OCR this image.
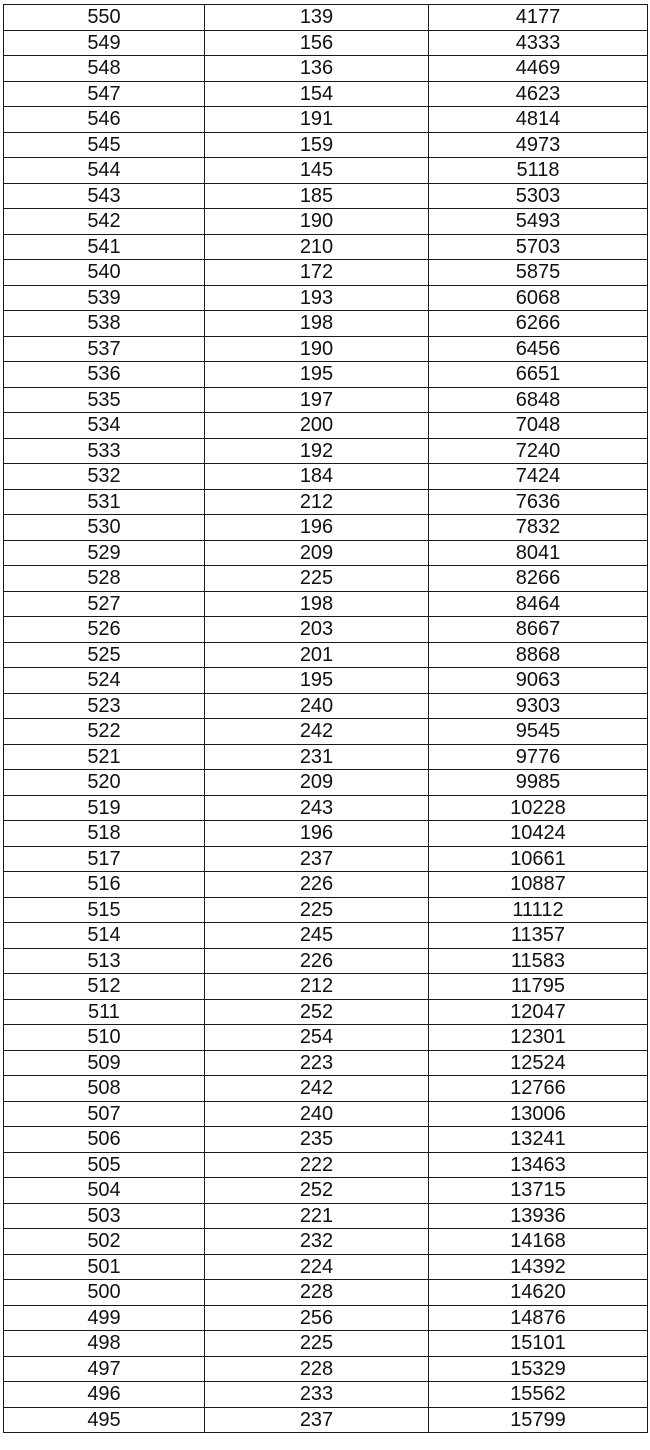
550	139	4177
549	156	4333
548	136	4469
547	154	4623
546	191	4814
545	159	4973
544	145	5118
543	185	5303
542	190	5493
541	210	5703
540	172	5875
539	193	6068
538	198	6266
537	190	6456
536	195	6651
535	197	6848
534	200	7048
533	192	7240
532	184	7424
531	212	7636
530	196	7832
529	209	8041
528	225	8266
527	198	8464
526	203	8667
525	201	8868
524	195	9063
523	240	9303
522	242	9545
521	231	9776
520	209	9985
519	243	10228
518	196	10424
517	237	10661
516	226	10887
515	225	11112
514	245	11357
513	226	11583
512	212	11795
511	252	12047
510	254	12301
509	223	12524
508	242	12766
507	240	13006
506	235	13241
505	222	13463
504	252	13715
503	221	13936
502	232	14168
501	224	14392
500	228	14620
499	256	14876
498	225	15101
497	228	15329
496	233	15562
495	237	15799
